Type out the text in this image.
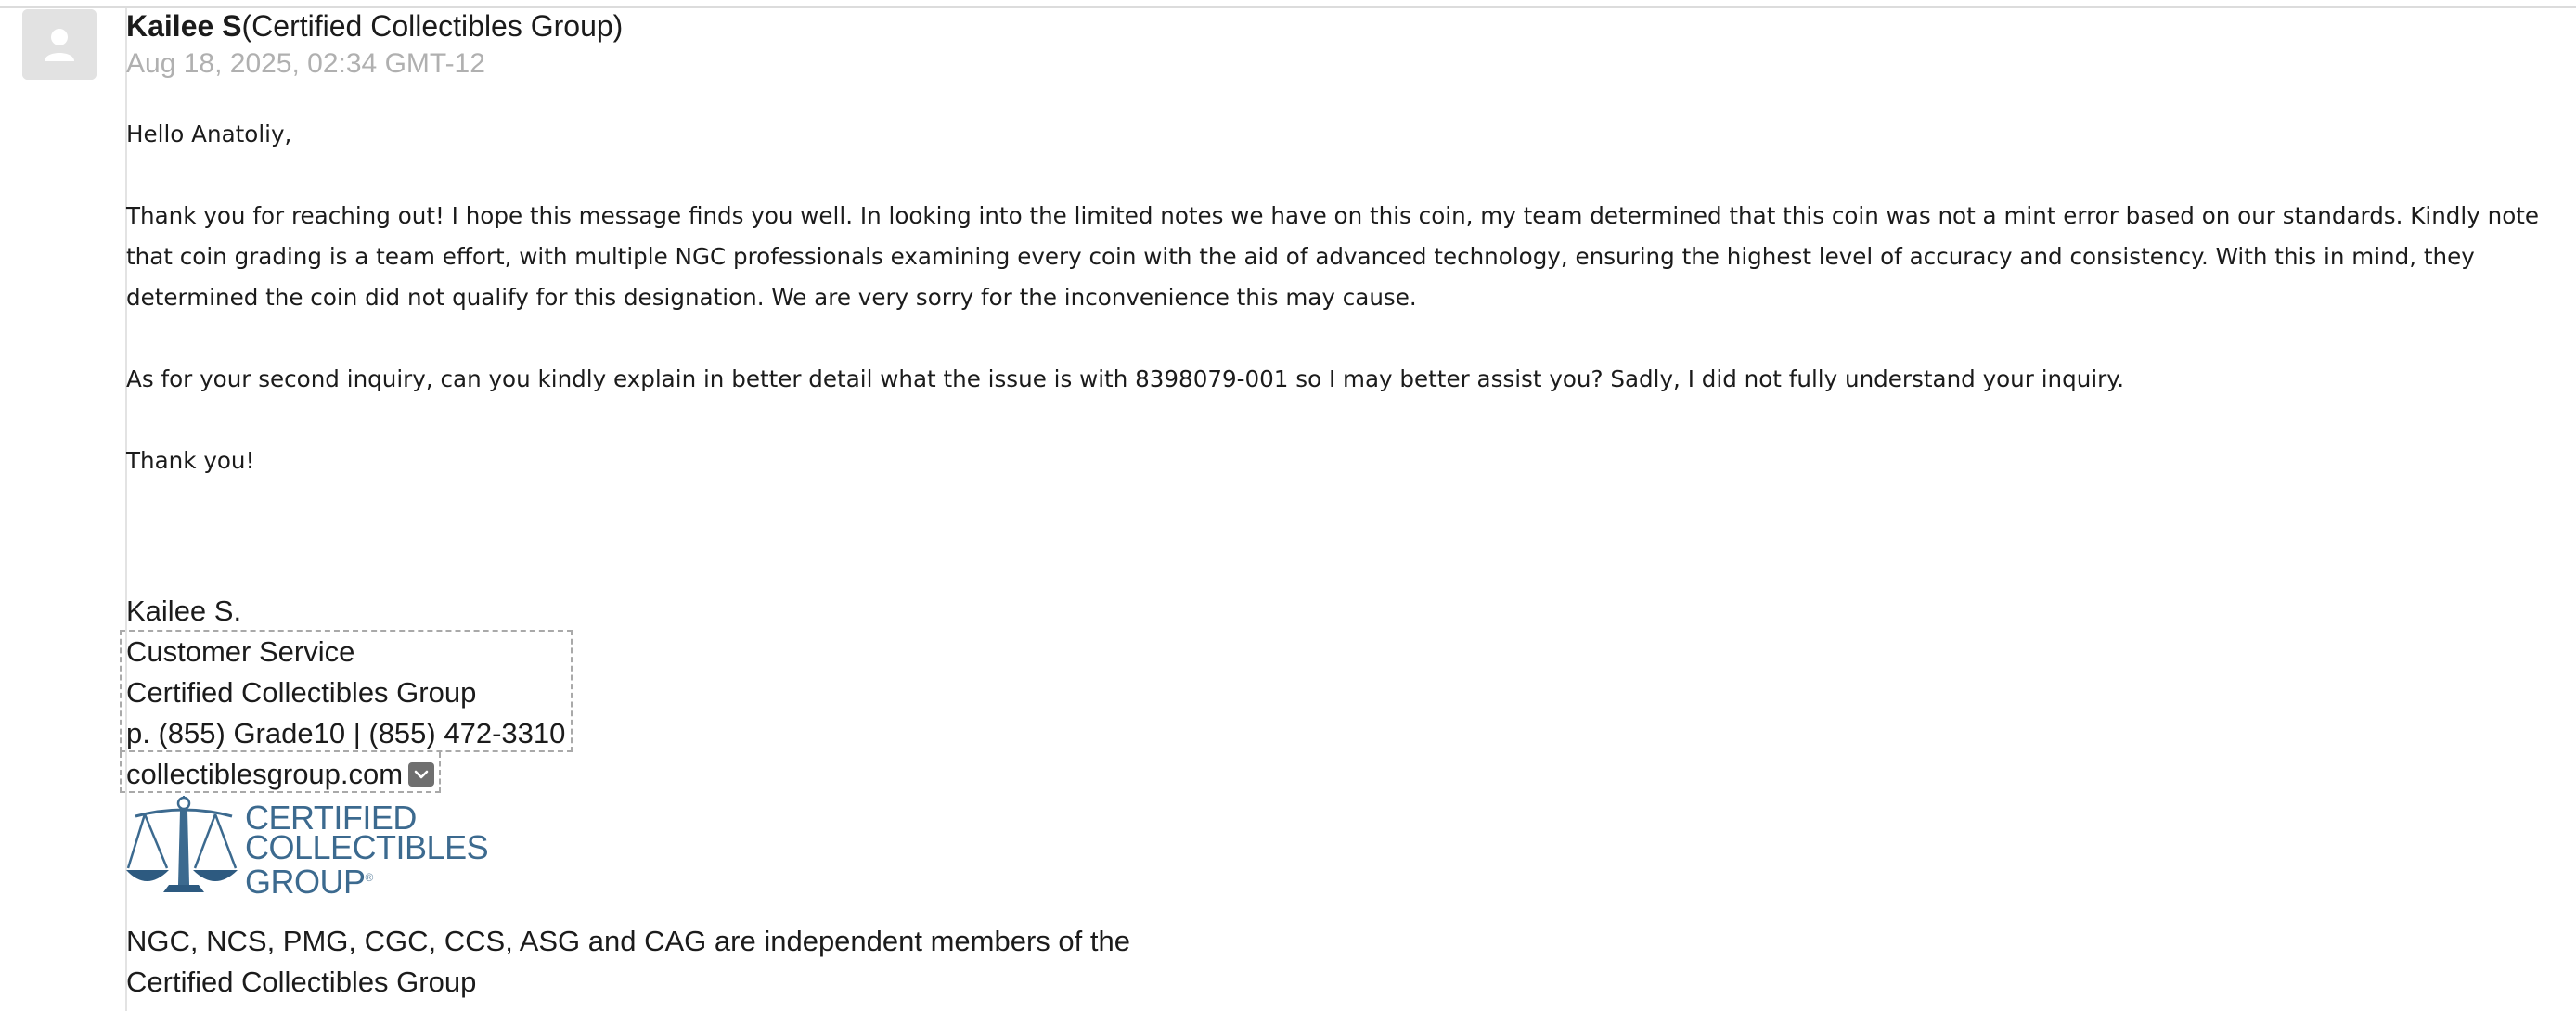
Kailee S(Certified Collectibles Group)
Aug 18, 2025, 02:34 GMT-12
Hello Anatoliy,
Thank you for reaching out! I hope this message finds you well. In looking into the limited notes we have on this coin, my team determined that this coin was not a mint error based on our standards. Kindly note that coin grading is a team effort, with multiple NGC professionals examining every coin with the aid of advanced technology, ensuring the highest level of accuracy and consistency. With this in mind, they determined the coin did not qualify for this designation. We are very sorry for the inconvenience this may cause.
As for your second inquiry, can you kindly explain in better detail what the issue is with 8398079-001 so I may better assist you? Sadly, I did not fully understand your inquiry.
Thank you!
Kailee S.
Customer Service
Certified Collectibles Group
p. (855) Grade10 | (855) 472-3310
collectiblesgroup.com
CERTIFIED
COLLECTIBLES
GROUP®
NGC, NCS, PMG, CGC, CCS, ASG and CAG are independent members of the Certified Collectibles Group
